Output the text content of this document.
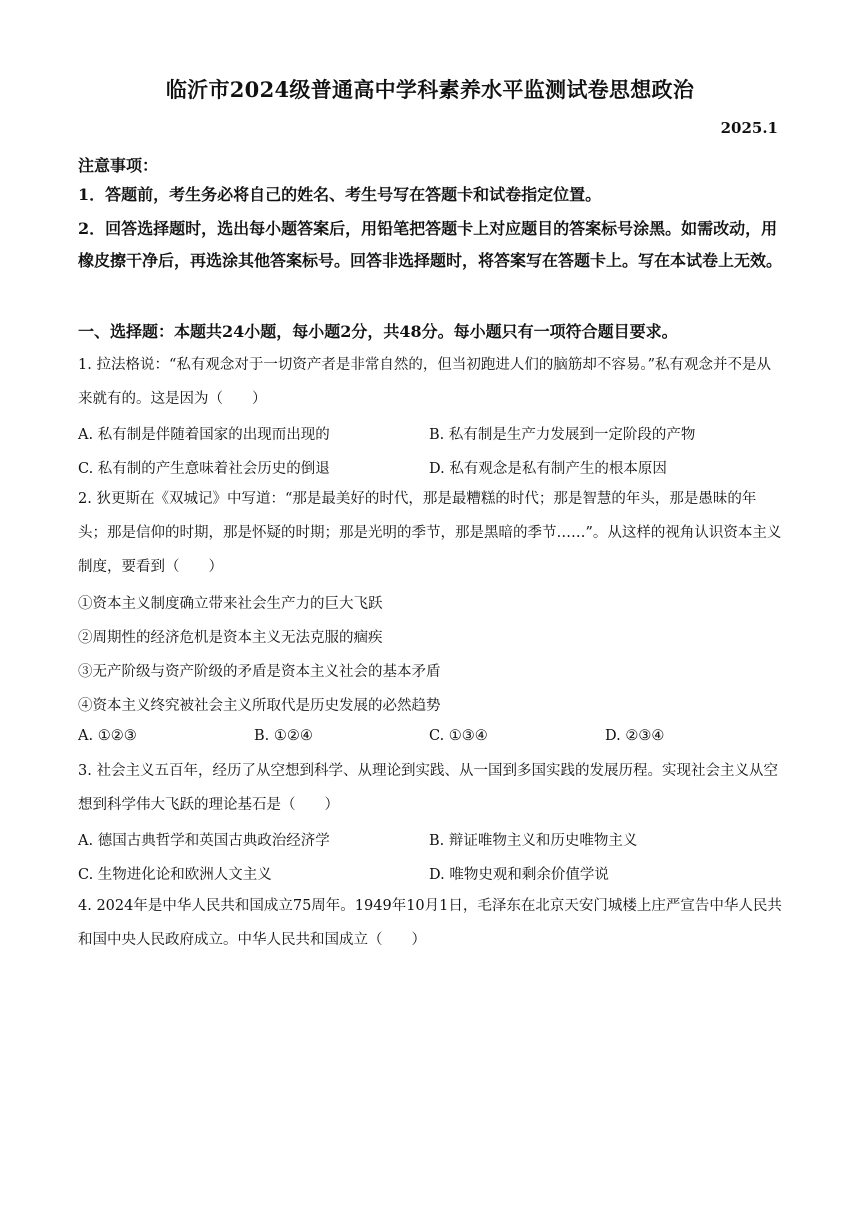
临沂市2024级普通高中学科素养水平监测试卷思想政治
2025.1
注意事项：
1．答题前，考生务必将自己的姓名、考生号写在答题卡和试卷指定位置。
2．回答选择题时，选出每小题答案后，用铅笔把答题卡上对应题目的答案标号涂黑。如需改动，用橡皮擦干净后，再选涂其他答案标号。回答非选择题时，将答案写在答题卡上。写在本试卷上无效。
一、选择题：本题共24小题，每小题2分，共48分。每小题只有一项符合题目要求。
1. 拉法格说：“私有观念对于一切资产者是非常自然的，但当初跑进人们的脑筋却不容易。”私有观念并不是从来就有的。这是因为（　　）
A. 私有制是伴随着国家的出现而出现的	B. 私有制是生产力发展到一定阶段的产物
C. 私有制的产生意味着社会历史的倒退	D. 私有观念是私有制产生的根本原因
2. 狄更斯在《双城记》中写道：“那是最美好的时代，那是最糟糕的时代；那是智慧的年头，那是愚昧的年头；那是信仰的时期，那是怀疑的时期；那是光明的季节，那是黑暗的季节……”。从这样的视角认识资本主义制度，要看到（　　）
①资本主义制度确立带来社会生产力的巨大飞跃
②周期性的经济危机是资本主义无法克服的痼疾
③无产阶级与资产阶级的矛盾是资本主义社会的基本矛盾
④资本主义终究被社会主义所取代是历史发展的必然趋势
A. ①②③	B. ①②④	C. ①③④	D. ②③④
3. 社会主义五百年，经历了从空想到科学、从理论到实践、从一国到多国实践的发展历程。实现社会主义从空想到科学伟大飞跃的理论基石是（　　）
A. 德国古典哲学和英国古典政治经济学	B. 辩证唯物主义和历史唯物主义
C. 生物进化论和欧洲人文主义	D. 唯物史观和剩余价值学说
4. 2024年是中华人民共和国成立75周年。1949年10月1日，毛泽东在北京天安门城楼上庄严宣告中华人民共和国中央人民政府成立。中华人民共和国成立（　　）
